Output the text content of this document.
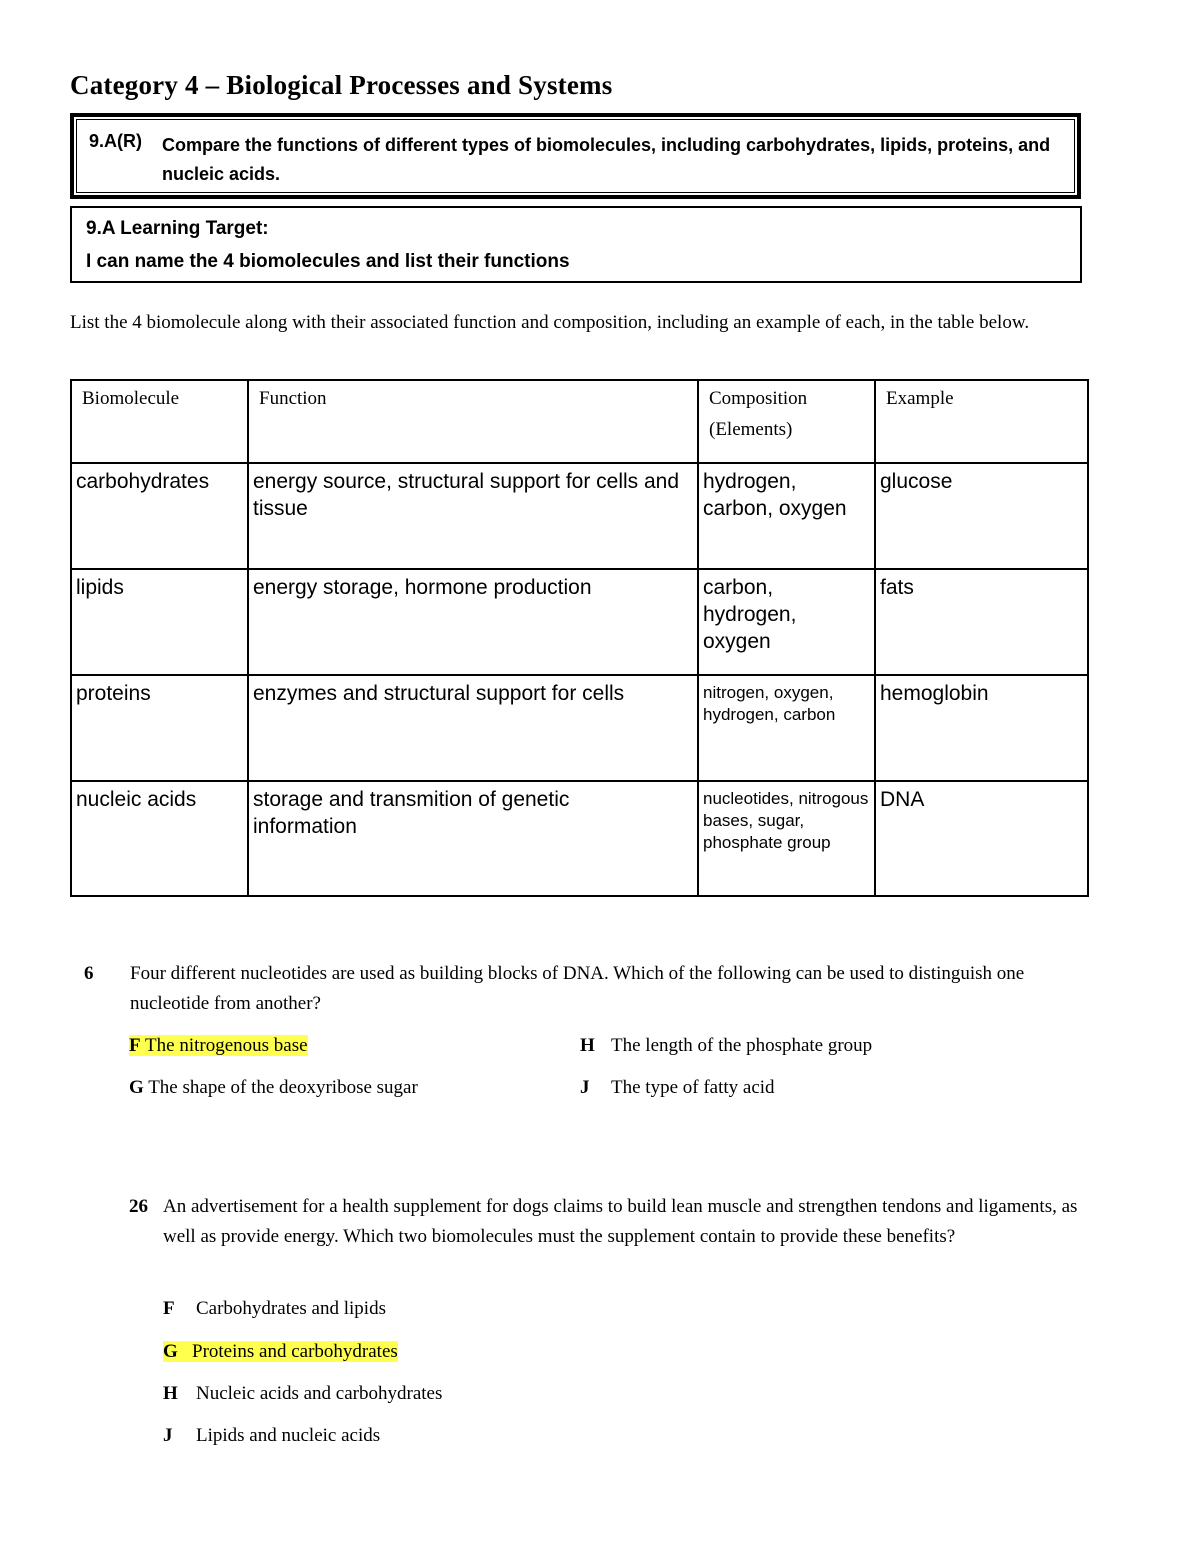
Category 4 – Biological Processes and Systems
9.A(R) Compare the functions of different types of biomolecules, including carbohydrates, lipids, proteins, and nucleic acids.
9.A Learning Target:
I can name the 4 biomolecules and list their functions
List the 4 biomolecule along with their associated function and composition, including an example of each, in the table below.
Biomolecule	Function	Composition (Elements)	Example
carbohydrates	energy source, structural support for cells and tissue	hydrogen, carbon, oxygen	glucose
lipids	energy storage, hormone production	carbon, hydrogen, oxygen	fats
proteins	enzymes and structural support for cells	nitrogen, oxygen, hydrogen, carbon	hemoglobin
nucleic acids	storage and transmition of genetic information	nucleotides, nitrogous bases, sugar, phosphate group	DNA
6 Four different nucleotides are used as building blocks of DNA. Which of the following can be used to distinguish one nucleotide from another?
F The nitrogenous base	H The length of the phosphate group
G The shape of the deoxyribose sugar	J The type of fatty acid
26 An advertisement for a health supplement for dogs claims to build lean muscle and strengthen tendons and ligaments, as well as provide energy. Which two biomolecules must the supplement contain to provide these benefits?
F Carbohydrates and lipids
G Proteins and carbohydrates
H Nucleic acids and carbohydrates
J Lipids and nucleic acids
